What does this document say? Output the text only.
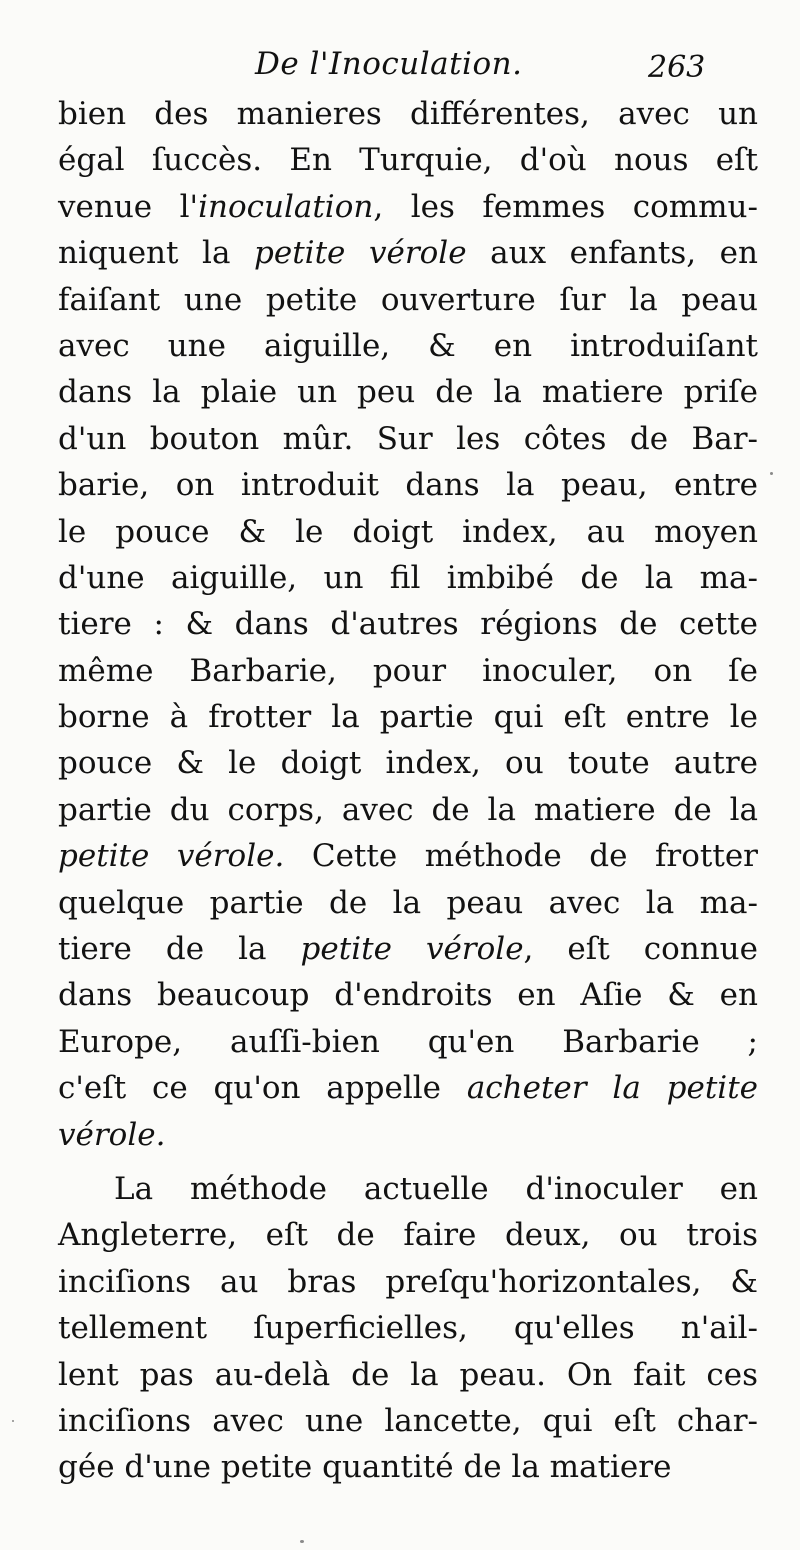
De l'Inoculation.	263
bien des manieres différentes, avec un
égal ſuccès. En Turquie, d'où nous eſt
venue l'inoculation, les femmes commu-
niquent la petite vérole aux enfants, en
faiſant une petite ouverture ſur la peau
avec une aiguille, & en introduiſant
dans la plaie un peu de la matiere priſe
d'un bouton mûr. Sur les côtes de Bar-
barie, on introduit dans la peau, entre
le pouce & le doigt index, au moyen
d'une aiguille, un fil imbibé de la ma-
tiere : & dans d'autres régions de cette
même Barbarie, pour inoculer, on ſe
borne à frotter la partie qui eſt entre le
pouce & le doigt index, ou toute autre
partie du corps, avec de la matiere de la
petite vérole. Cette méthode de frotter
quelque partie de la peau avec la ma-
tiere de la petite vérole, eſt connue
dans beaucoup d'endroits en Aſie & en
Europe, auſſi-bien qu'en Barbarie ;
c'eſt ce qu'on appelle acheter la petite
vérole.
La méthode actuelle d'inoculer en
Angleterre, eſt de faire deux, ou trois
inciſions au bras preſqu'horizontales, &
tellement ſuperficielles, qu'elles n'ail-
lent pas au-delà de la peau. On fait ces
inciſions avec une lancette, qui eſt char-
gée d'une petite quantité de la matiere
